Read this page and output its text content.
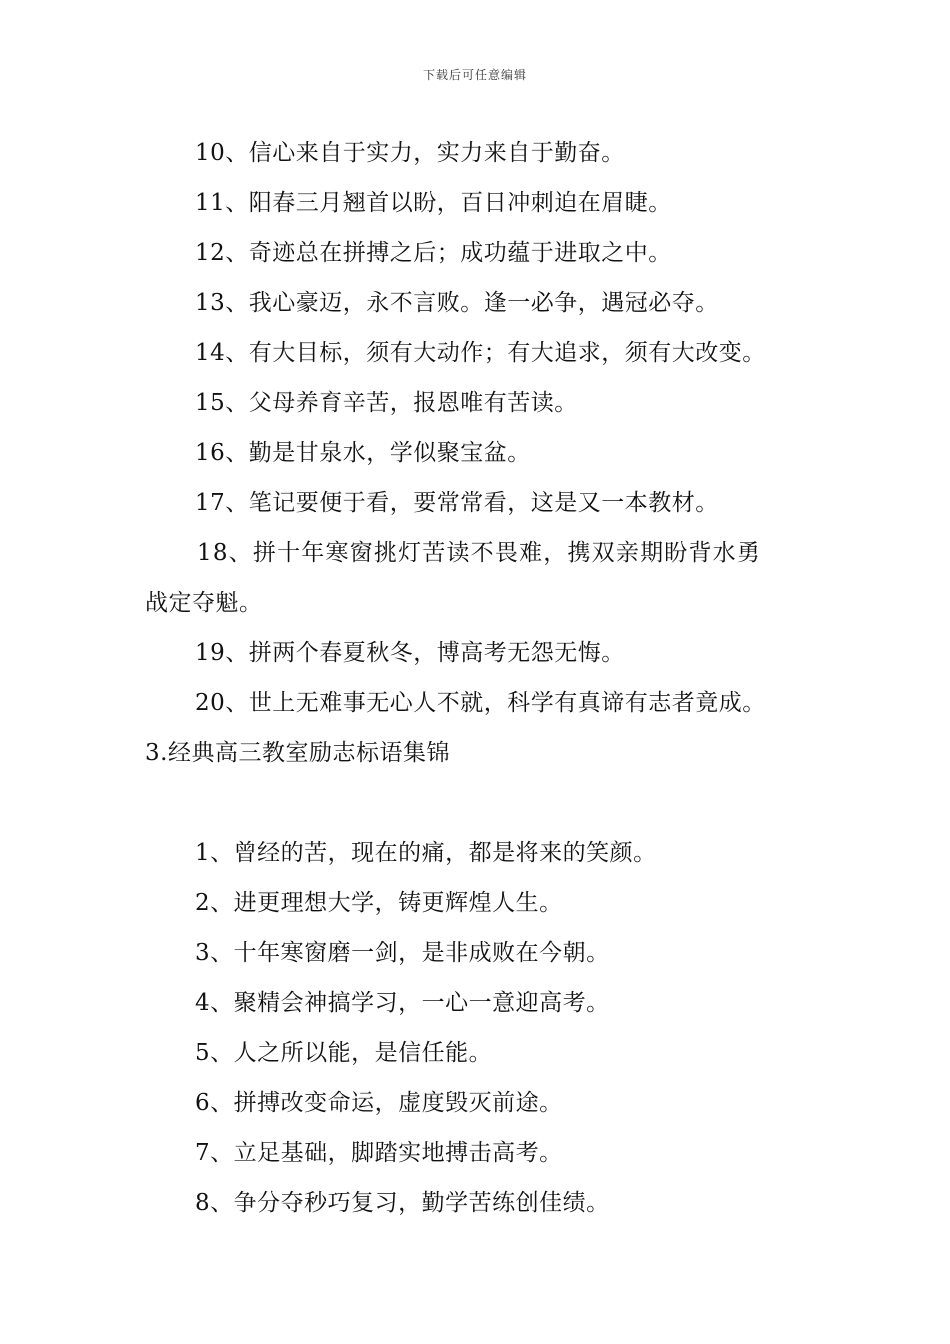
下载后可任意编辑
10、信心来自于实力，实力来自于勤奋。
11、阳春三月翘首以盼，百日冲刺迫在眉睫。
12、奇迹总在拼搏之后；成功蕴于进取之中。
13、我心豪迈，永不言败。逢一必争，遇冠必夺。
14、有大目标，须有大动作；有大追求，须有大改变。
15、父母养育辛苦，报恩唯有苦读。
16、勤是甘泉水，学似聚宝盆。
17、笔记要便于看，要常常看，这是又一本教材。
18、拼十年寒窗挑灯苦读不畏难，携双亲期盼背水勇
战定夺魁。
19、拼两个春夏秋冬，博高考无怨无悔。
20、世上无难事无心人不就，科学有真谛有志者竟成。
3.经典高三教室励志标语集锦
1、曾经的苦，现在的痛，都是将来的笑颜。
2、进更理想大学，铸更辉煌人生。
3、十年寒窗磨一剑，是非成败在今朝。
4、聚精会神搞学习，一心一意迎高考。
5、人之所以能，是信任能。
6、拼搏改变命运，虚度毁灭前途。
7、立足基础，脚踏实地搏击高考。
8、争分夺秒巧复习，勤学苦练创佳绩。
